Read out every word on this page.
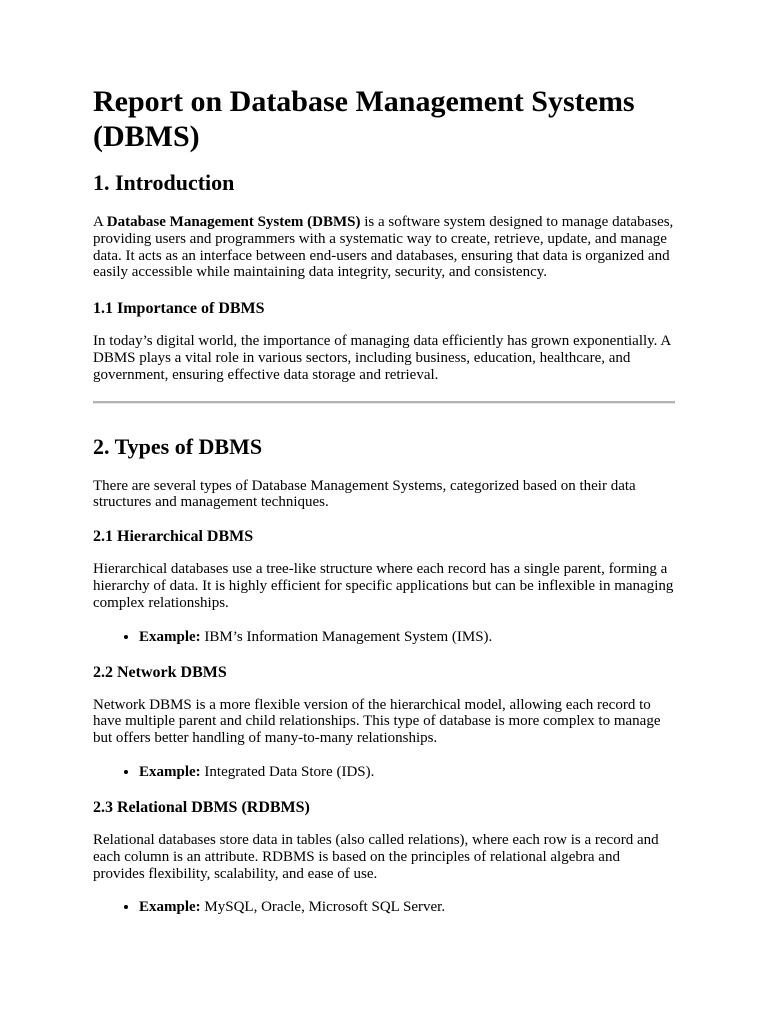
Report on Database Management Systems (DBMS)
1. Introduction

A Database Management System (DBMS) is a software system designed to manage databases, providing users and programmers with a systematic way to create, retrieve, update, and manage data. It acts as an interface between end-users and databases, ensuring that data is organized and easily accessible while maintaining data integrity, security, and consistency.

1.1 Importance of DBMS

In today’s digital world, the importance of managing data efficiently has grown exponentially. A DBMS plays a vital role in various sectors, including business, education, healthcare, and government, ensuring effective data storage and retrieval.

2. Types of DBMS

There are several types of Database Management Systems, categorized based on their data structures and management techniques.

2.1 Hierarchical DBMS

Hierarchical databases use a tree-like structure where each record has a single parent, forming a hierarchy of data. It is highly efficient for specific applications but can be inflexible in managing complex relationships.

• Example: IBM’s Information Management System (IMS).
2.2 Network DBMS

Network DBMS is a more flexible version of the hierarchical model, allowing each record to have multiple parent and child relationships. This type of database is more complex to manage but offers better handling of many-to-many relationships.

• Example: Integrated Data Store (IDS).
2.3 Relational DBMS (RDBMS)

Relational databases store data in tables (also called relations), where each row is a record and each column is an attribute. RDBMS is based on the principles of relational algebra and provides flexibility, scalability, and ease of use.

• Example: MySQL, Oracle, Microsoft SQL Server.
